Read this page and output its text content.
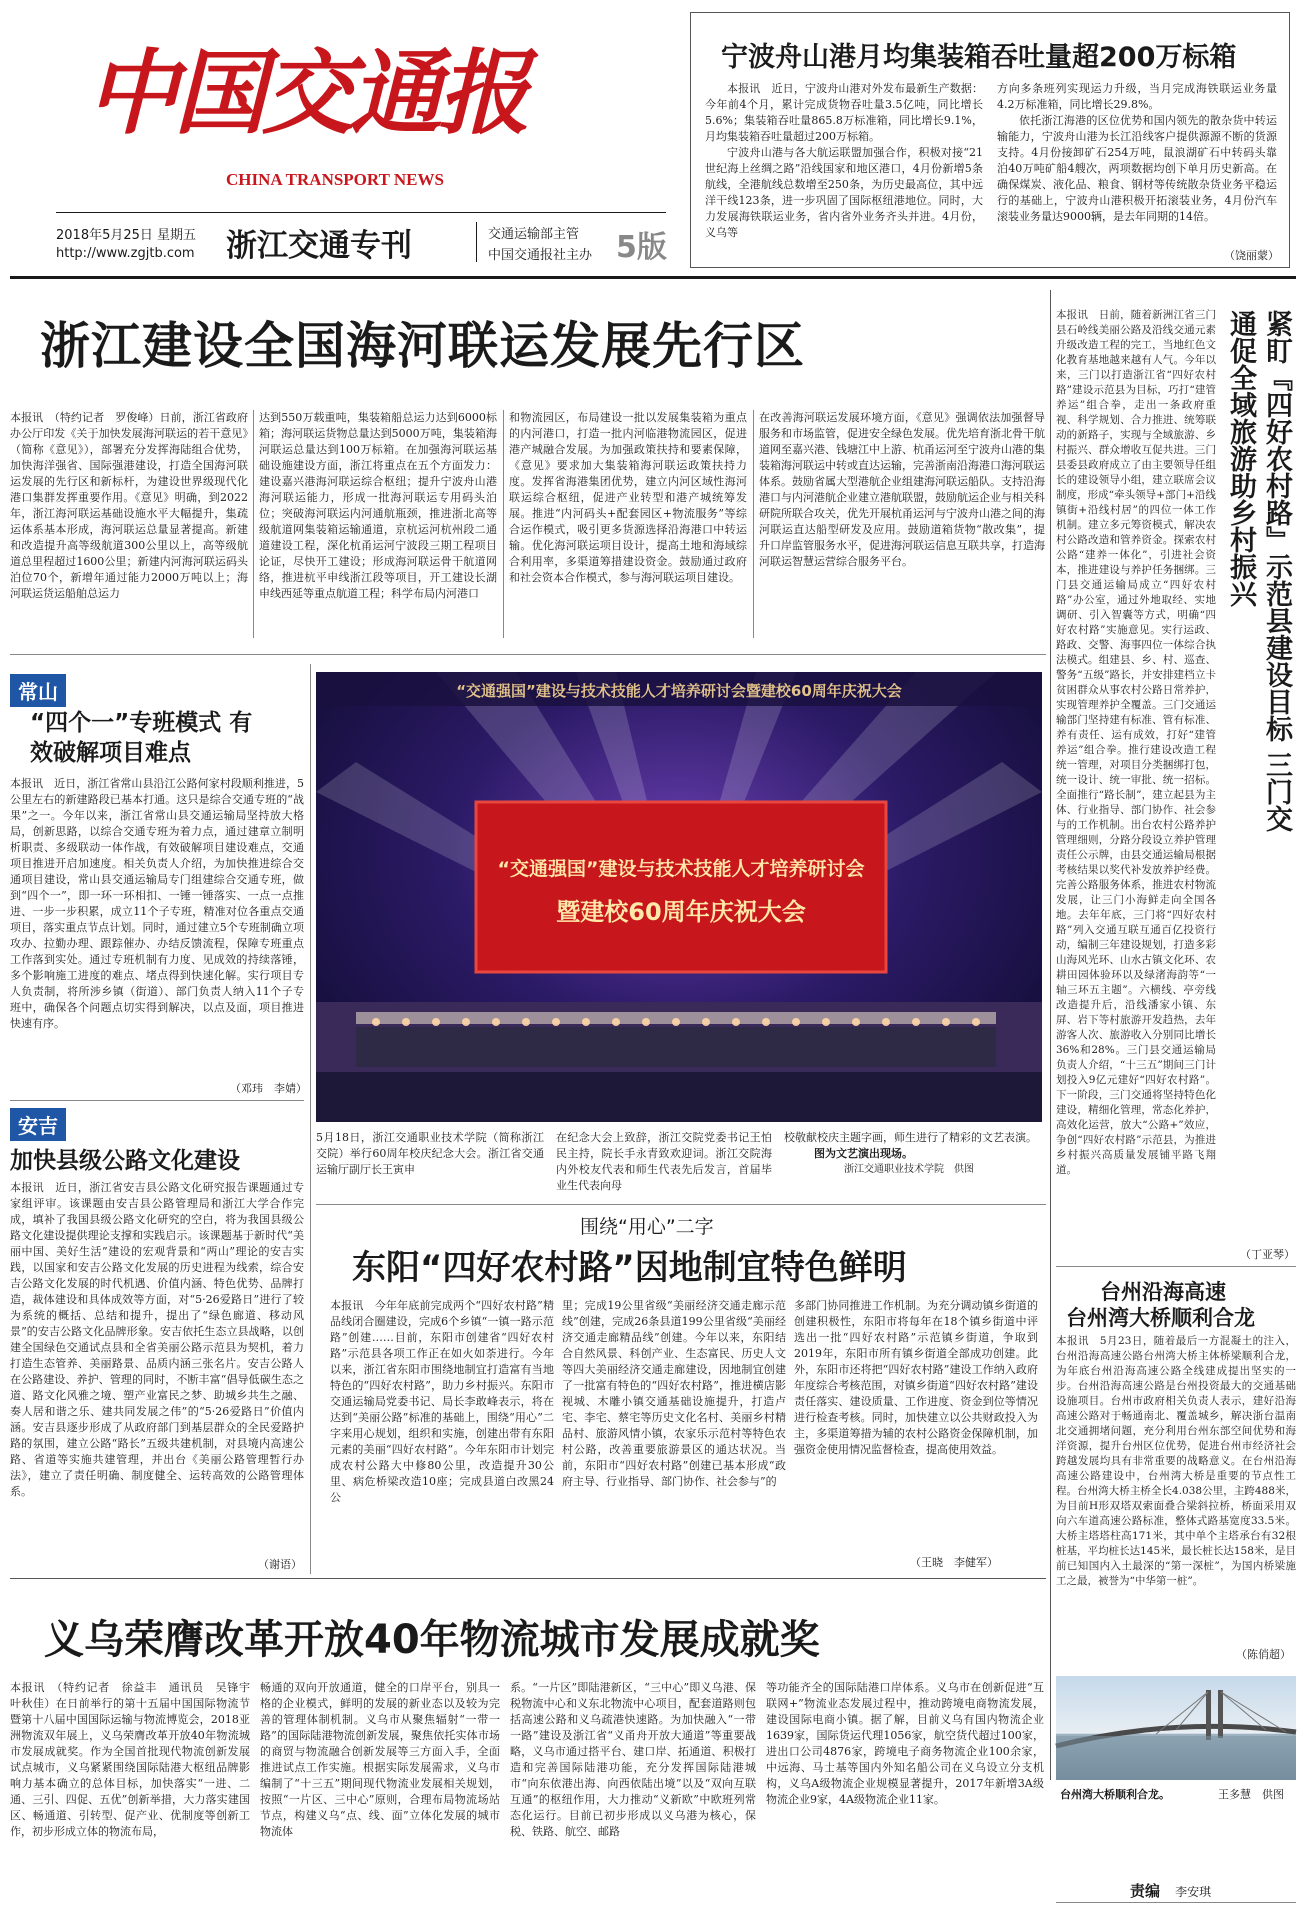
中国交通报
CHINA TRANSPORT NEWS
2018年5月25日 星期五
http://www.zgjtb.com 浙江交通专刊	交通运输部主管
中国交通报社主办 5版
宁波舟山港月均集装箱吞吐量超200万标箱

本报讯　近日，宁波舟山港对外发布最新生产数据：今年前4个月，累计完成货物吞吐量3.5亿吨，同比增长5.6%；集装箱吞吐量865.8万标准箱，同比增长9.1%，月均集装箱吞吐量超过200万标箱。

宁波舟山港与各大航运联盟加强合作，积极对接“21世纪海上丝绸之路”沿线国家和地区港口，4月份新增5条航线，全港航线总数增至250条，为历史最高位，其中远洋干线123条，进一步巩固了国际枢纽港地位。同时，大力发展海铁联运业务，省内省外业务齐头并进。4月份，义乌等

方向多条班列实现运力升级，当月完成海铁联运业务量4.2万标准箱，同比增长29.8%。

依托浙江海港的区位优势和国内领先的散杂货中转运输能力，宁波舟山港为长江沿线客户提供源源不断的货源支持。4月份接卸矿石254万吨，鼠浪湖矿石中转码头靠泊40万吨矿船4艘次，两项数据均创下单月历史新高。在确保煤炭、液化品、粮食、钢材等传统散杂货业务平稳运行的基础上，宁波舟山港积极开拓滚装业务，4月份汽车滚装业务量达9000辆，是去年同期的14倍。

（饶丽蒙）
浙江建设全国海河联运发展先行区
本报讯　（特约记者　罗俊峰）日前，浙江省政府办公厅印发《关于加快发展海河联运的若干意见》（简称《意见》），部署充分发挥海陆组合优势，加快海洋强省、国际强港建设，打造全国海河联运发展的先行区和新标杆，为建设世界级现代化港口集群发挥重要作用。《意见》明确，到2022年，浙江海河联运基础设施水平大幅提升，集疏运体系基本形成，海河联运总量显著提高。新建和改造提升高等级航道300公里以上，高等级航道总里程超过1600公里；新建内河海河联运码头泊位70个，新增年通过能力2000万吨以上；海河联运货运船舶总运力
达到550万载重吨，集装箱船总运力达到6000标箱；海河联运货物总量达到5000万吨，集装箱海河联运总量达到100万标箱。在加强海河联运基础设施建设方面，浙江将重点在五个方面发力：建设嘉兴港海河联运综合枢纽；提升宁波舟山港海河联运能力，形成一批海河联运专用码头泊位；突破海河联运内河通航瓶颈，推进浙北高等级航道网集装箱运输通道，京杭运河杭州段二通道建设工程，深化杭甬运河宁波段三期工程项目论证，尽快开工建设；形成海河联运骨干航道网络，推进杭平申线浙江段等项目，开工建设长湖申线西延等重点航道工程；科学布局内河港口
和物流园区，布局建设一批以发展集装箱为重点的内河港口，打造一批内河临港物流园区，促进港产城融合发展。为加强政策扶持和要素保障，《意见》要求加大集装箱海河联运政策扶持力度。发挥省海港集团优势，建立内河区域性海河联运综合枢纽，促进产业转型和港产城统筹发展。推进“内河码头+配套园区+物流服务”等综合运作模式，吸引更多货源选择沿海港口中转运输。优化海河联运项目设计，提高土地和海域综合利用率，多渠道筹措建设资金。鼓励通过政府和社会资本合作模式，参与海河联运项目建设。
在改善海河联运发展环境方面，《意见》强调依法加强督导服务和市场监管，促进安全绿色发展。优先培育浙北骨干航道网至嘉兴港、钱塘江中上游、杭甬运河至宁波舟山港的集装箱海河联运中转或直达运输，完善浙南沿海港口海河联运体系。鼓励省属大型港航企业组建海河联运船队。支持沿海港口与内河港航企业建立港航联盟，鼓励航运企业与相关科研院所联合攻关，优先开展杭甬运河与宁波舟山港之间的海河联运直达船型研发及应用。鼓励道箱货物“散改集”，提升口岸监管服务水平，促进海河联运信息互联共享，打造海河联运智慧运营综合服务平台。	紧盯『四好农村路』示范县建设目标 三门交通促全域旅游助乡村振兴
本报讯　日前，随着新洲江省三门县石岭线美丽公路及沿线交通元素升级改造工程的完工，当地红色文化教育基地越来越有人气。今年以来，三门以打造浙江省“四好农村路”建设示范县为目标，巧打“建管养运”组合拳，走出一条政府重视、科学规划、合力推进、统筹联动的新路子，实现与全域旅游、乡村振兴、群众增收互促共进。三门县委县政府成立了由主要领导任组长的建设领导小组，建立联席会议制度，形成“牵头领导+部门+沿线镇街+沿线村居”的四位一体工作机制。建立多元筹资模式，解决农村公路改造和管养资金。探索农村公路“建养一体化”，引进社会资本，推进建设与养护任务捆绑。三门县交通运输局成立“四好农村路”办公室，通过外地取经、实地调研、引入智囊等方式，明确“四好农村路”实施意见。实行运政、路政、交警、海事四位一体综合执法模式。组建县、乡、村、巡查、警务“五级”路长，并安排建档立卡贫困群众从事农村公路日常养护，实现管理养护全覆盖。三门交通运输部门坚持建有标准、管有标准、养有责任、运有成效，打好“建管养运”组合拳。推行建设改造工程统一管理，对项目分类捆绑打包，统一设计、统一审批、统一招标。全面推行“路长制”，建立起县为主体、行业指导、部门协作、社会参与的工作机制。出台农村公路养护管理细则，分路分段设立养护管理责任公示牌，由县交通运输局根据考核结果以奖代补发放养护经费。完善公路服务体系，推进农村物流发展，让三门小海鲜走向全国各地。去年年底，三门将“四好农村路”列入交通互联互通百亿投资行动，编制三年建设规划，打造多彩山海风光环、山水古镇文化环、农耕田园体验环以及绿渚海韵等“一轴三环五主题”。六横线、亭旁线改造提升后，沿线潘家小镇、东屏、岩下等村旅游开发趋热，去年游客人次、旅游收入分别同比增长36%和28%。三门县交通运输局负责人介绍，“十三五”期间三门计划投入9亿元建好“四好农村路”。下一阶段，三门交通将坚持特色化建设，精细化管理，常态化养护，高效化运营，放大“公路+”效应，争创“四好农村路”示范县，为推进乡村振兴高质量发展铺平路飞翔道。
（丁亚琴）
台州沿海高速
台州湾大桥顺利合龙
本报讯　5月23日，随着最后一方混凝土的注入，台州沿海高速公路台州湾大桥主体桥梁顺利合龙，为年底台州沿海高速公路全线建成提出坚实的一步。台州沿海高速公路是台州投资最大的交通基础设施项目。台州市政府相关负责人表示，建好沿海高速公路对于畅通南北、覆盖城乡，解决浙台温南北交通拥堵问题，充分利用台州东部空间优势和海洋资源，提升台州区位优势，促进台州市经济社会跨越发展均具有非常重要的战略意义。在台州沿海高速公路建设中，台州湾大桥是重要的节点性工程。台州湾大桥主桥全长4.038公里，主跨488米，为目前H形双塔双索面叠合梁斜拉桥，桥面采用双向六车道高速公路标准，整体式路基宽度33.5米。大桥主塔塔柱高171米，其中单个主塔承台有32根桩基，平均桩长达145米，最长桩长达158米，是目前已知国内入土最深的“第一深桩”，为国内桥梁施工之最，被誉为“中华第一桩”。
（陈俏超）
台州湾大桥顺利合龙。	王多慧　供图
常山
“四个一”专班模式 有效破解项目难点
本报讯　近日，浙江省常山县沿江公路何家村段顺利推进，5公里左右的新建路段已基本打通。这只是综合交通专班的“战果”之一。今年以来，浙江省常山县交通运输局坚持放大格局，创新思路，以综合交通专班为着力点，通过建章立制明析职责、多级联动一体作战，有效破解项目建设难点，交通项目推进开启加速度。相关负责人介绍，为加快推进综合交通项目建设，常山县交通运输局专门组建综合交通专班，做到“四个一”，即一环一环相扣、一锤一锤落实、一点一点推进、一步一步积累，成立11个子专班，精准对位各重点交通项目，落实重点节点计划。同时，通过建立5个专班制确立项攻办、拉勤办理、跟踪催办、办结反馈流程，保障专班重点工作落到实处。通过专班机制有力度、见成效的持续落锤，多个影响施工进度的难点、堵点得到快速化解。实行项目专人负责制，将所涉乡镇（街道）、部门负责人纳入11个子专班中，确保各个问题点切实得到解决，以点及面，项目推进快速有序。
（邓玮　李婧）
安吉
加快县级公路文化建设
本报讯　近日，浙江省安吉县公路文化研究报告课题通过专家组评审。该课题由安吉县公路管理局和浙江大学合作完成，填补了我国县级公路文化研究的空白，将为我国县级公路文化建设提供理论支撑和实践启示。该课题基于新时代“美丽中国、美好生活”建设的宏观背景和“两山”理论的安吉实践，以国家和安吉公路文化发展的历史进程为线索，综合安吉公路文化发展的时代机遇、价值内涵、特色优势、品牌打造，裁体建设和具体成效等方面，对“5·26爱路日”进行了较为系统的概括、总结和提升，提出了“绿色廊道、移动风景”的安吉公路文化品牌形象。安吉依托生态立县战略，以创建全国绿色交通试点县和全省美丽公路示范县为契机，着力打造生态管养、美丽路景、品质内涵三张名片。安吉公路人在公路建设、养护、管理的同时，不断丰富“倡导低碳生态之道、路文化风雅之境、塑产业富民之梦、助城乡共生之融、奏人居和谐之乐、建共同发展之伟”的“5·26爱路日”价值内涵。安吉县逐步形成了从政府部门到基层群众的全民爱路护路的氛围，建立公路“路长”五级共建机制，对县境内高速公路、省道等实施共建管理，并出台《美丽公路管理暂行办法》，建立了责任明确、制度健全、运转高效的公路管理体系。
（谢语）
“交通强国”建设与技术技能人才培养研讨会暨建校60周年庆祝大会
“交通强国”建设与技术技能人才培养研讨会
暨建校60周年庆祝大会
5月18日，浙江交通职业技术学院（简称浙江交院）举行60周年校庆纪念大会。浙江省交通运输厅副厅长王寅申
在纪念大会上致辞，浙江交院党委书记王怕民主持，院长手永青致欢迎词。浙江交院海内外校友代表和师生代表先后发言，首届毕业生代表向母
校敬献校庆主题字画，师生进行了精彩的文艺表演。
图为文艺演出现场。
浙江交通职业技术学院　供图
围绕“用心”二字
东阳“四好农村路”因地制宜特色鲜明
本报讯　今年年底前完成两个“四好农村路”精品线闭合圈建设，完成6个乡镇“一镇一路示范路”创建……目前，东阳市创建省“四好农村路”示范县各项工作正在如火如荼进行。今年以来，浙江省东阳市围绕地制宜打造富有当地特色的“四好农村路”，助力乡村振兴。东阳市交通运输局党委书记、局长李敢峰表示，将在达到“美丽公路”标准的基础上，围绕“用心”二字来用心规划，组织和实施，创建出带有东阳元素的美丽“四好农村路”。今年东阳市计划完成农村公路大中修80公里，改造提升30公里、病危桥梁改造10座；完成县道白改黑24公
里；完成19公里省级“美丽经济交通走廊示范线”创建，完成26条县道199公里省级“美丽经济交通走廊精品线”创建。今年以来，东阳结合自然风景、科创产业、生态富民、历史人文等四大美丽经济交通走廊建设，因地制宜创建了一批富有特色的“四好农村路”，推进横店影视城、木雕小镇交通基础设施提升，打造卢宅、李宅、蔡宅等历史文化名村、美丽乡村精品村、旅游风情小镇，农家乐示范村等特色农村公路，改善重要旅游景区的通达状况。当前，东阳市“四好农村路”创建已基本形成“政府主导、行业指导、部门协作、社会参与”的
多部门协同推进工作机制。为充分调动镇乡街道的创建积极性，东阳市将每年在18个镇乡街道中评选出一批“四好农村路”示范镇乡街道，争取到2019年，东阳市所有镇乡街道全部成功创建。此外，东阳市还将把“四好农村路”建设工作纳入政府年度综合考核范围，对镇乡街道“四好农村路”建设责任落实、建设质量、工作进度、资金到位等情况进行检查考核。同时，加快建立以公共财政投入为主，多渠道筹措为辅的农村公路资金保障机制，加强资金使用情况监督检查，提高使用效益。
（王晓　李健军）
义乌荣膺改革开放40年物流城市发展成就奖
本报讯　（特约记者　徐益丰　通讯员　吴锋宇　叶秋佳）在日前举行的第十五届中国国际物流节暨第十八届中国国际运输与物流博览会，2018亚洲物流双年展上，义乌荣膺改革开放40年物流城市发展成就奖。作为全国首批现代物流创新发展试点城市，义乌紧紧围绕国际陆港大枢纽品牌影响力基本确立的总体目标，加快落实“一进、二通、三引、四促、五优”创新举措，大力落实建国区、畅通道、引转型、促产业、优制度等创新工作，初步形成立体的物流布局，
畅通的双向开放通道，健全的口岸平台，别具一格的企业模式，鲜明的发展的新业态以及较为完善的管理体制机制。义乌市从聚焦辐射“一带一路”的国际陆港物流创新发展，聚焦依托实体市场的商贸与物流融合创新发展等三方面入手，全面推进试点工作实施。根据实际发展需求，义乌市编制了“十三五”期间现代物流业发展相关规划，按照“一片区、三中心”原则，合理布局物流场站节点，构建义乌“点、线、面”立体化发展的城市物流体
系。“一片区”即陆港新区，“三中心”即义乌港、保税物流中心和义东北物流中心项目，配套道路则包括高速公路和义乌疏港快速路。为加快融入“一带一路”建设及浙江省“义甬舟开放大通道”等重要战略，义乌市通过搭平台、建口岸、拓通道、积极打造和完善国际陆港功能，充分发挥国际陆港城市“向东依港出海、向西依陆出境”以及“双向互联互通”的枢纽作用，大力推动“义新欧”中欧班列常态化运行。目前已初步形成以义乌港为核心，保税、铁路、航空、邮路
等功能齐全的国际陆港口岸体系。义乌市在创新促进“互联网+”物流业态发展过程中，推动跨境电商物流发展，建设国际电商小镇。据了解，目前义乌有国内物流企业1639家，国际货运代理1056家，航空货代超过100家，进出口公司4876家，跨境电子商务物流企业100余家，中远海、马士基等国内外知名船公司在义乌设立分支机构，义乌A级物流企业规模显著提升，2017年新增3A级物流企业9家，4A级物流企业11家。
责编 李安琪
